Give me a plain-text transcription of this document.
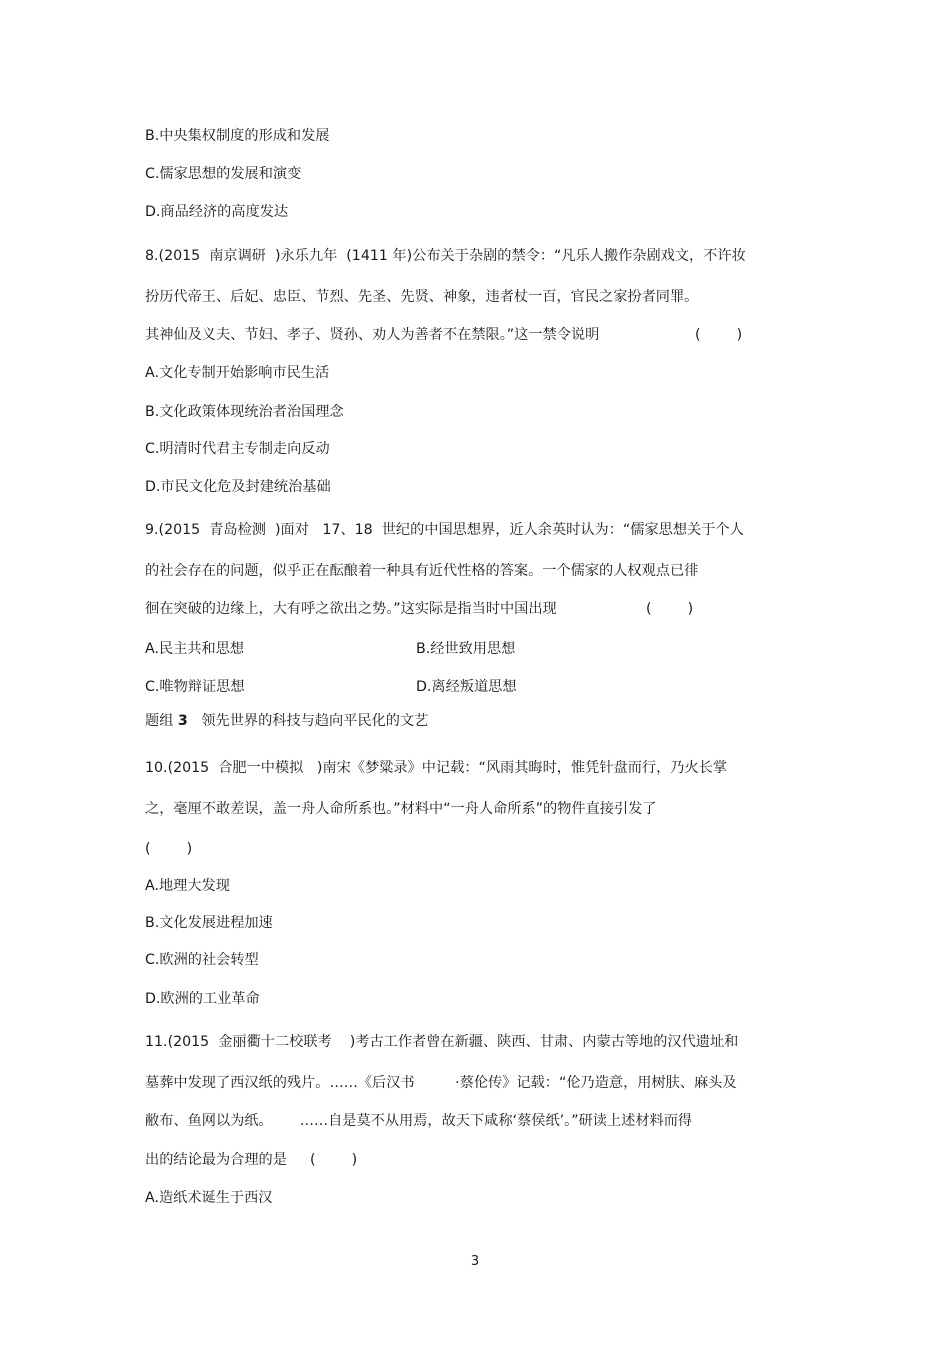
B.中央集权制度的形成和发展
C.儒家思想的发展和演变
D.商品经济的高度发达
8.(2015  南京调研  )永乐九年  (1411 年)公布关于杂剧的禁令：“凡乐人搬作杂剧戏文，不许妆
扮历代帝王、后妃、忠臣、节烈、先圣、先贤、神象，违者杖一百，官民之家扮者同罪。
其神仙及义夫、节妇、孝子、贤孙、劝人为善者不在禁限。”这一禁令说明	(        )
A.文化专制开始影响市民生活
B.文化政策体现统治者治国理念
C.明清时代君主专制走向反动
D.市民文化危及封建统治基础
9.(2015  青岛检测  )面对   17、18  世纪的中国思想界，近人余英时认为：“儒家思想关于个人
的社会存在的问题，似乎正在酝酿着一种具有近代性格的答案。一个儒家的人权观点已徘
徊在突破的边缘上，大有呼之欲出之势。”这实际是指当时中国出现	(        )
A.民主共和思想	B.经世致用思想
C.唯物辩证思想	D.离经叛道思想
题组 3 领先世界的科技与趋向平民化的文艺
10.(2015  合肥一中模拟   )南宋《梦粱录》中记载：“风雨其晦时，惟凭针盘而行，乃火长掌
之，毫厘不敢差误，盖一舟人命所系也。”材料中“一舟人命所系”的物件直接引发了
(        )
A.地理大发现
B.文化发展进程加速
C.欧洲的社会转型
D.欧洲的工业革命
11.(2015  金丽衢十二校联考    )考古工作者曾在新疆、陕西、甘肃、内蒙古等地的汉代遗址和
墓葬中发现了西汉纸的残片。……《后汉书         ·蔡伦传》记载：“伦乃造意，用树肤、麻头及
敝布、鱼网以为纸。      ……自是莫不从用焉，故天下咸称‘蔡侯纸’。”研读上述材料而得
出的结论最为合理的是 (        )
A.造纸术诞生于西汉
3
